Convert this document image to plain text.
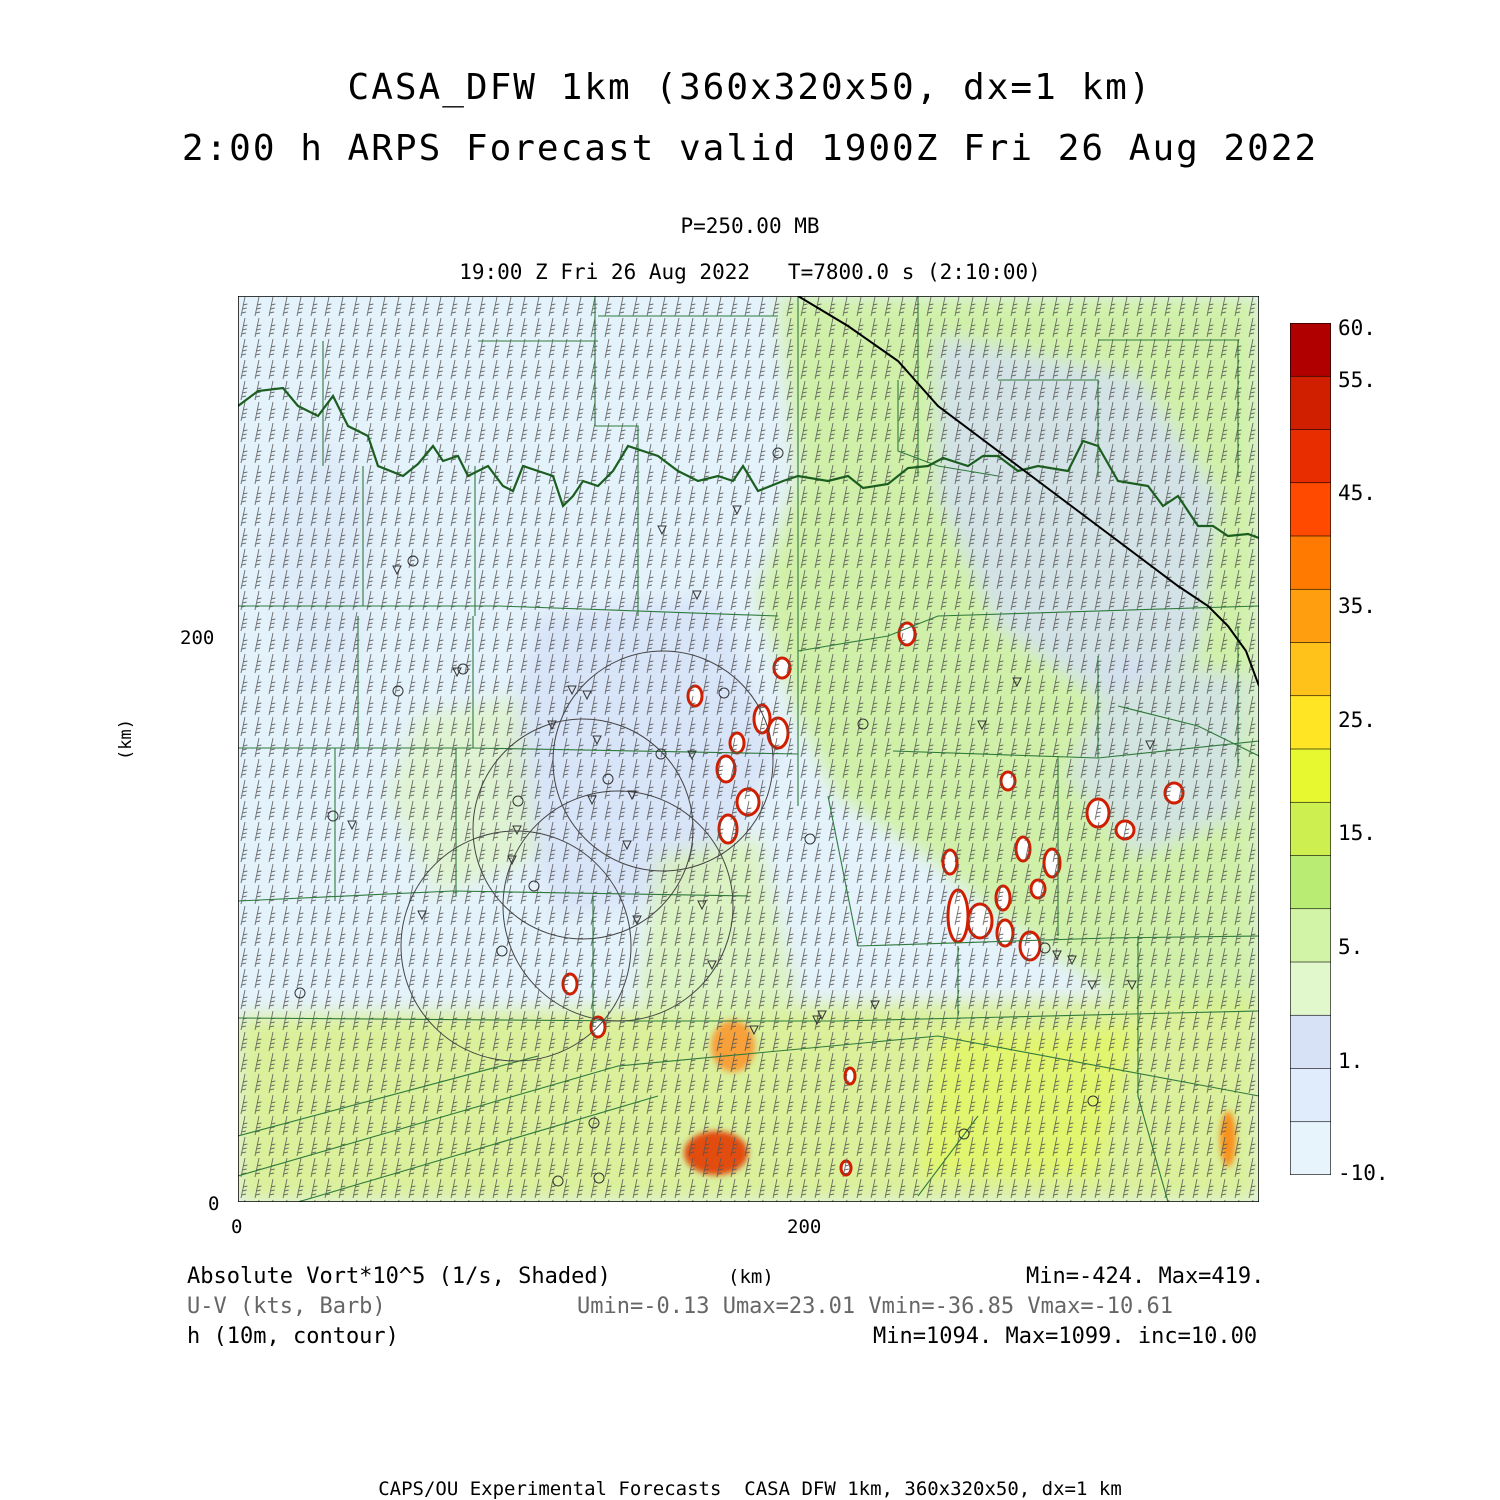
CASA_DFW 1km (360x320x50, dx=1 km)
2:00 h ARPS Forecast valid 1900Z Fri 26 Aug 2022
P=250.00 MB
19:00 Z Fri 26 Aug 2022   T=7800.0 s (2:10:00)
(km)
200
0
0	200
60.
55.
45.
35.
25.
15.
5.
1.
-10.
Absolute Vort*10^5 (1/s, Shaded)
U-V (kts, Barb)
h (10m, contour)
(km)	Min=-424. Max=419.
Umin=-0.13 Umax=23.01 Vmin=-36.85 Vmax=-10.61
Min=1094. Max=1099. inc=10.00
CAPS/OU Experimental Forecasts  CASA DFW 1km, 360x320x50, dx=1 km
